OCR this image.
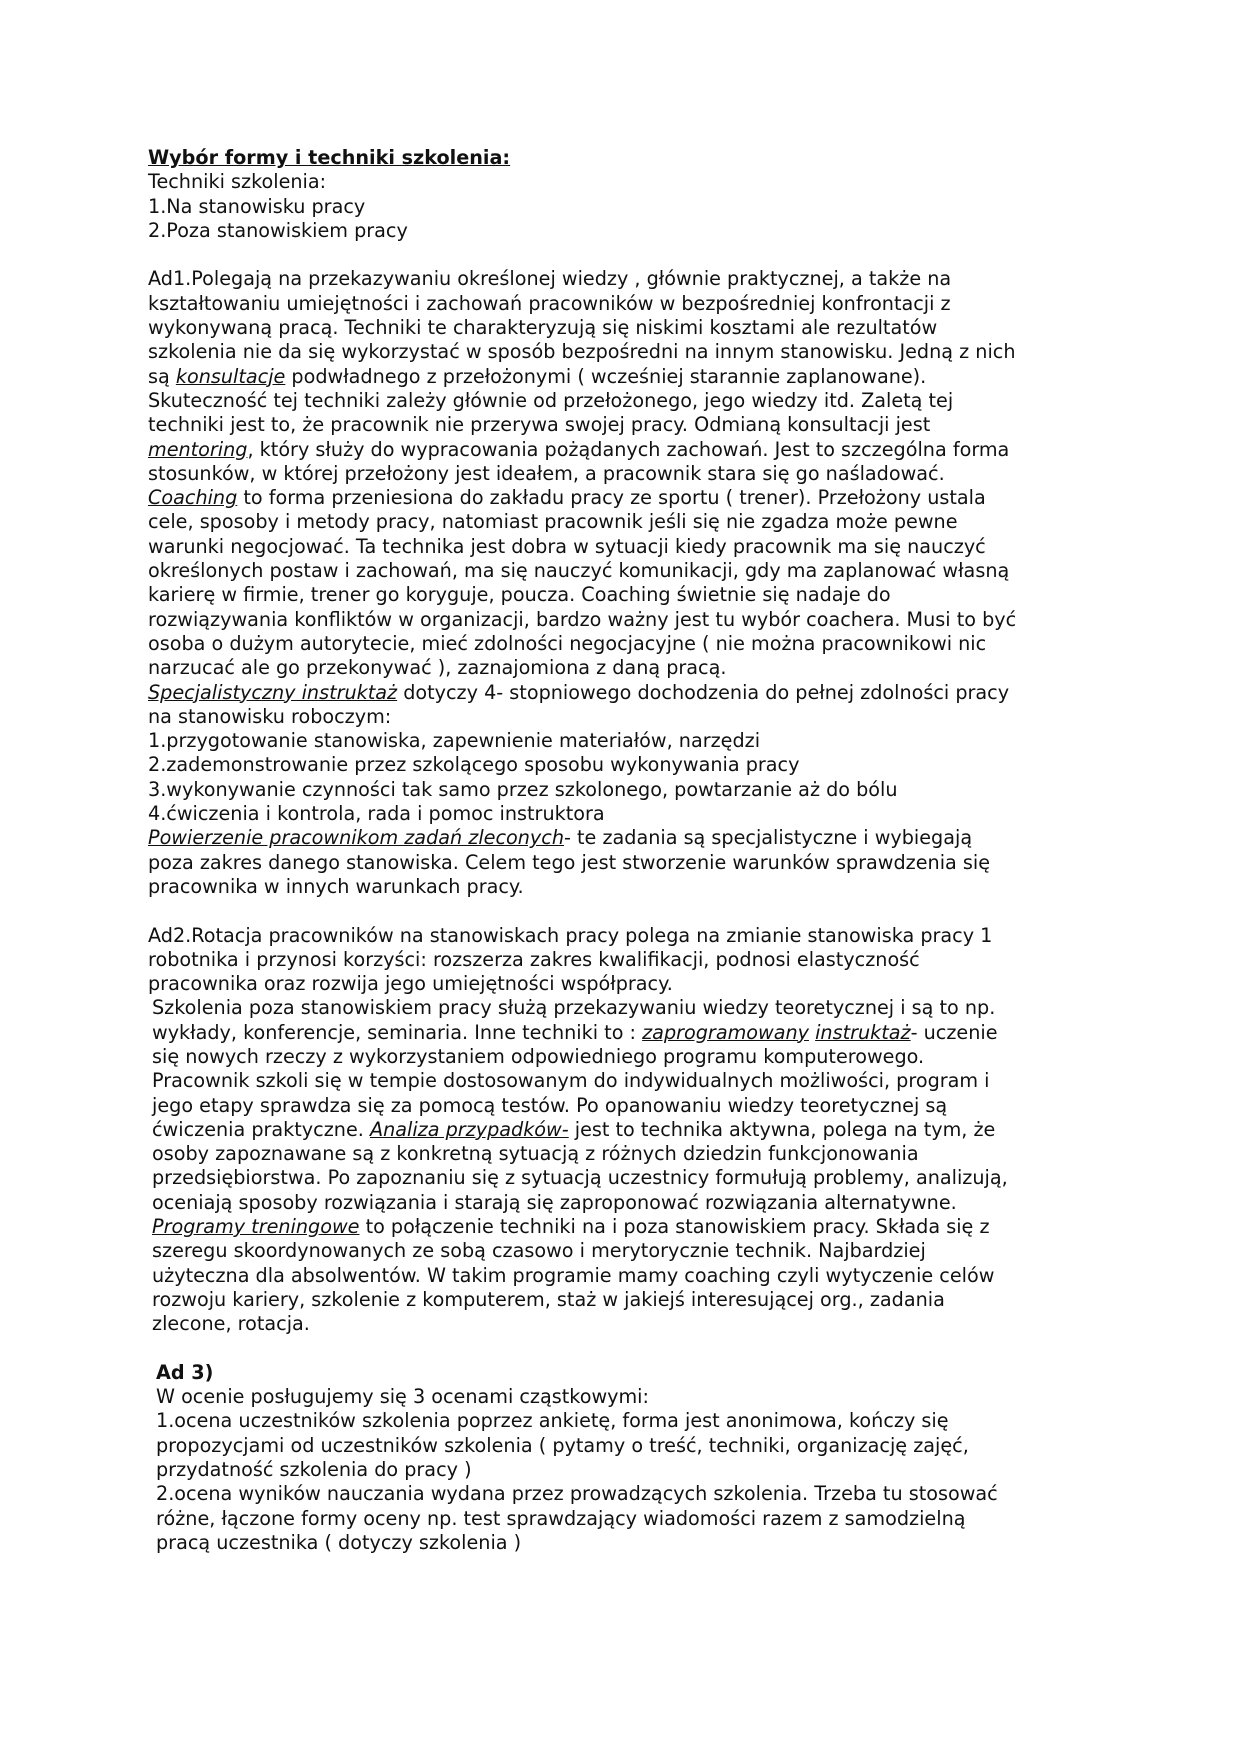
Wybór formy i techniki szkolenia:
Techniki szkolenia:
1.Na stanowisku pracy
2.Poza stanowiskiem pracy
Ad1.Polegają na przekazywaniu określonej wiedzy , głównie praktycznej, a także na
kształtowaniu umiejętności i zachowań pracowników w bezpośredniej konfrontacji z
wykonywaną pracą. Techniki te charakteryzują się niskimi kosztami ale rezultatów
szkolenia nie da się wykorzystać w sposób bezpośredni na innym stanowisku. Jedną z nich
są konsultacje podwładnego z przełożonymi ( wcześniej starannie zaplanowane).
Skuteczność tej techniki zależy głównie od przełożonego, jego wiedzy itd. Zaletą tej
techniki jest to, że pracownik nie przerywa swojej pracy. Odmianą konsultacji jest
mentoring, który służy do wypracowania pożądanych zachowań. Jest to szczególna forma
stosunków, w której przełożony jest ideałem, a pracownik stara się go naśladować.
Coaching to forma przeniesiona do zakładu pracy ze sportu ( trener). Przełożony ustala
cele, sposoby i metody pracy, natomiast pracownik jeśli się nie zgadza może pewne
warunki negocjować. Ta technika jest dobra w sytuacji kiedy pracownik ma się nauczyć
określonych postaw i zachowań, ma się nauczyć komunikacji, gdy ma zaplanować własną
karierę w firmie, trener go koryguje, poucza. Coaching świetnie się nadaje do
rozwiązywania konfliktów w organizacji, bardzo ważny jest tu wybór coachera. Musi to być
osoba o dużym autorytecie, mieć zdolności negocjacyjne ( nie można pracownikowi nic
narzucać ale go przekonywać ), zaznajomiona z daną pracą.
Specjalistyczny instruktaż dotyczy 4- stopniowego dochodzenia do pełnej zdolności pracy
na stanowisku roboczym:
1.przygotowanie stanowiska, zapewnienie materiałów, narzędzi
2.zademonstrowanie przez szkolącego sposobu wykonywania pracy
3.wykonywanie czynności tak samo przez szkolonego, powtarzanie aż do bólu
4.ćwiczenia i kontrola, rada i pomoc instruktora
Powierzenie pracownikom zadań zleconych- te zadania są specjalistyczne i wybiegają
poza zakres danego stanowiska. Celem tego jest stworzenie warunków sprawdzenia się
pracownika w innych warunkach pracy.
Ad2.Rotacja pracowników na stanowiskach pracy polega na zmianie stanowiska pracy 1
robotnika i przynosi korzyści: rozszerza zakres kwalifikacji, podnosi elastyczność
pracownika oraz rozwija jego umiejętności współpracy.
Szkolenia poza stanowiskiem pracy służą przekazywaniu wiedzy teoretycznej i są to np.
wykłady, konferencje, seminaria. Inne techniki to : zaprogramowany instruktaż- uczenie
się nowych rzeczy z wykorzystaniem odpowiedniego programu komputerowego.
Pracownik szkoli się w tempie dostosowanym do indywidualnych możliwości, program i
jego etapy sprawdza się za pomocą testów. Po opanowaniu wiedzy teoretycznej są
ćwiczenia praktyczne. Analiza przypadków- jest to technika aktywna, polega na tym, że
osoby zapoznawane są z konkretną sytuacją z różnych dziedzin funkcjonowania
przedsiębiorstwa. Po zapoznaniu się z sytuacją uczestnicy formułują problemy, analizują,
oceniają sposoby rozwiązania i starają się zaproponować rozwiązania alternatywne.
Programy treningowe to połączenie techniki na i poza stanowiskiem pracy. Składa się z
szeregu skoordynowanych ze sobą czasowo i merytorycznie technik. Najbardziej
użyteczna dla absolwentów. W takim programie mamy coaching czyli wytyczenie celów
rozwoju kariery, szkolenie z komputerem, staż w jakiejś interesującej org., zadania
zlecone, rotacja.
Ad 3)
W ocenie posługujemy się 3 ocenami cząstkowymi:
1.ocena uczestników szkolenia poprzez ankietę, forma jest anonimowa, kończy się
propozycjami od uczestników szkolenia ( pytamy o treść, techniki, organizację zajęć,
przydatność szkolenia do pracy )
2.ocena wyników nauczania wydana przez prowadzących szkolenia. Trzeba tu stosować
różne, łączone formy oceny np. test sprawdzający wiadomości razem z samodzielną
pracą uczestnika ( dotyczy szkolenia )
